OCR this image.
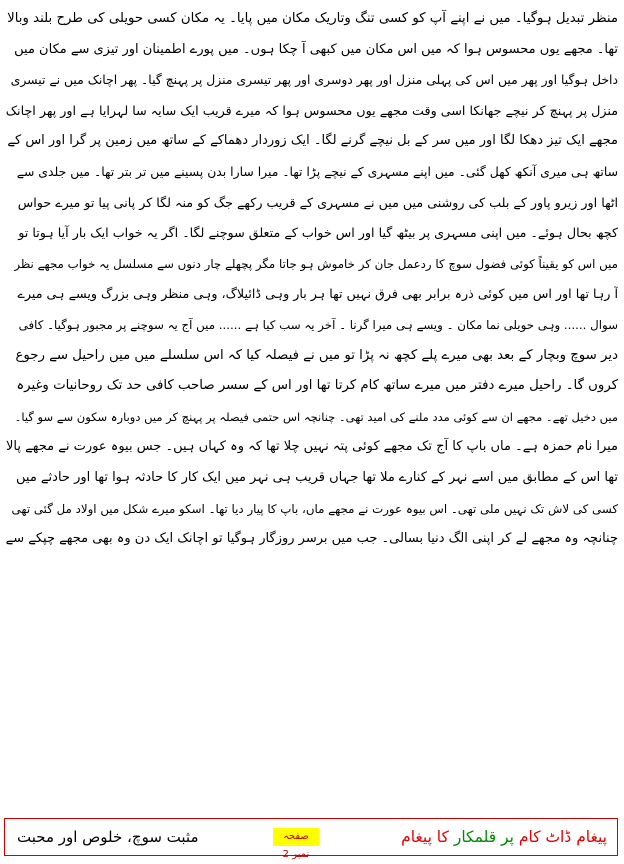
منظر تبدیل ہوگیا۔ میں نے اپنے آپ کو کسی تنگ وتاریک مکان میں پایا۔ یہ مکان کسی حویلی کی طرح بلند وبالا
تھا۔ مجھے یوں محسوس ہوا کہ میں اس مکان میں کبھی آ چکا ہوں۔ میں پورے اطمینان اور تیزی سے مکان میں
داخل ہوگیا اور پھر میں اس کی پہلی منزل اور پھر دوسری اور پھر تیسری منزل پر پہنچ گیا۔ پھر اچانک میں نے تیسری
منزل پر پہنچ کر نیچے جھانکا اسی وقت مجھے یوں محسوس ہوا کہ میرے قریب ایک سایہ سا لہرایا ہے اور پھر اچانک
مجھے ایک تیز دھکا لگا اور میں سر کے بل نیچے گرنے لگا۔ ایک زوردار دھماکے کے ساتھ میں زمین پر گرا اور اس کے
ساتھ ہی میری آنکھ کھل گئی۔ میں اپنے مسہری کے نیچے پڑا تھا۔ میرا سارا بدن پسینے میں تر بتر تھا۔ میں جلدی سے
اٹھا اور زیرو پاور کے بلب کی روشنی میں میں نے مسہری کے قریب رکھے جگ کو منہ لگا کر پانی پیا تو میرے حواس
کچھ بحال ہوئے۔ میں اپنی مسہری پر بیٹھ گیا اور اس خواب کے متعلق سوچنے لگا۔ اگر یہ خواب ایک بار آیا ہوتا تو
میں اس کو یقیناً کوئی فضول سوچ کا ردعمل جان کر خاموش ہو جاتا مگر پچھلے چار دنوں سے مسلسل یہ خواب مجھے نظر
آ رہا تھا اور اس میں کوئی ذرہ برابر بھی فرق نہیں تھا ہر بار وہی ڈائیلاگ، وہی منظر وہی بزرگ ویسے ہی میرے
سوال ...... وہی حویلی نما مکان ۔ ویسے ہی میرا گرنا ۔ آخر یہ سب کیا ہے ...... میں آج یہ سوچنے پر مجبور ہوگیا۔ کافی
دیر سوچ وبچار کے بعد بھی میرے پلے کچھ نہ پڑا تو میں نے فیصلہ کیا کہ اس سلسلے میں میں راحیل سے رجوع
کروں گا۔ راحیل میرے دفتر میں میرے ساتھ کام کرتا تھا اور اس کے سسر صاحب کافی حد تک روحانیات وغیرہ
میں دخیل تھے۔ مجھے ان سے کوئی مدد ملنے کی امید تھی۔ چنانچہ اس حتمی فیصلہ پر پہنچ کر میں دوبارہ سکون سے سو گیا۔
میرا نام حمزہ ہے۔ ماں باپ کا آج تک مجھے کوئی پتہ نہیں چلا تھا کہ وہ کہاں ہیں۔ جس بیوہ عورت نے مجھے پالا
تھا اس کے مطابق میں اسے نہر کے کنارے ملا تھا جہاں قریب ہی نہر میں ایک کار کا حادثہ ہوا تھا اور حادثے میں
کسی کی لاش تک نہیں ملی تھی۔ اس بیوہ عورت نے مجھے ماں، باپ کا پیار دیا تھا۔ اسکو میرے شکل میں اولاد مل گئی تھی
چنانچہ وہ مجھے لے کر اپنی الگ دنیا بسالی۔ جب میں برسر روزگار ہوگیا تو اچانک ایک دن وہ بھی مجھے چپکے سے
پیغام ڈاٹ کام پر قلمکار کا پیغام
صفحہ نمبر 2
مثبت سوچ، خلوص اور محبت
